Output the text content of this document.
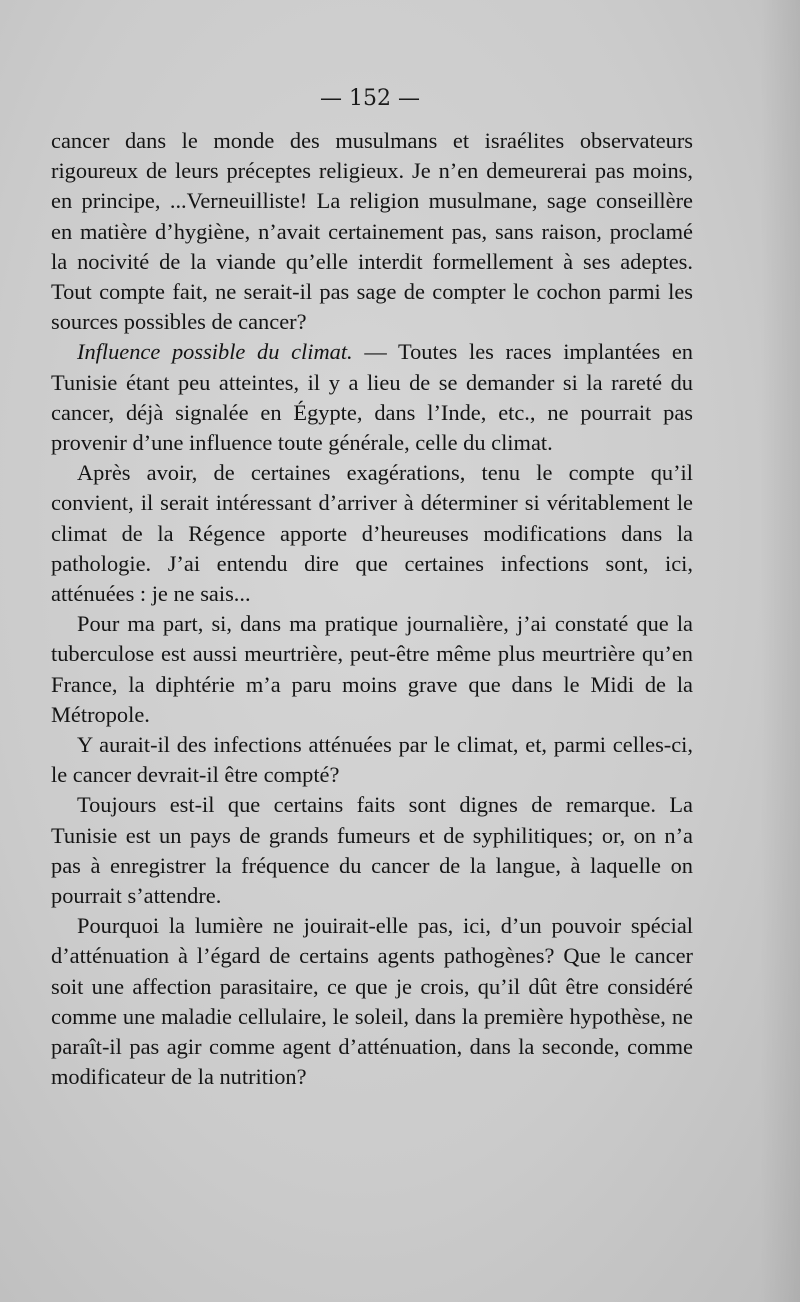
— 152 —

cancer dans le monde des musulmans et israélites observateurs rigoureux de leurs préceptes religieux. Je n’en demeurerai pas moins, en principe, ...Verneuilliste! La religion musulmane, sage conseillère en matière d’hygiène, n’avait certainement pas, sans raison, proclamé la nocivité de la viande qu’elle interdit formellement à ses adeptes. Tout compte fait, ne serait-il pas sage de compter le cochon parmi les sources possibles de cancer?

Influence possible du climat. — Toutes les races implantées en Tunisie étant peu atteintes, il y a lieu de se demander si la rareté du cancer, déjà signalée en Égypte, dans l’Inde, etc., ne pourrait pas provenir d’une influence toute générale, celle du climat.

Après avoir, de certaines exagérations, tenu le compte qu’il convient, il serait intéressant d’arriver à déterminer si véritablement le climat de la Régence apporte d’heureuses modifications dans la pathologie. J’ai entendu dire que certaines infections sont, ici, atténuées : je ne sais...

Pour ma part, si, dans ma pratique journalière, j’ai constaté que la tuberculose est aussi meurtrière, peut-être même plus meurtrière qu’en France, la diphtérie m’a paru moins grave que dans le Midi de la Métropole.

Y aurait-il des infections atténuées par le climat, et, parmi celles-ci, le cancer devrait-il être compté?

Toujours est-il que certains faits sont dignes de remarque. La Tunisie est un pays de grands fumeurs et de syphilitiques; or, on n’a pas à enregistrer la fréquence du cancer de la langue, à laquelle on pourrait s’attendre.

Pourquoi la lumière ne jouirait-elle pas, ici, d’un pouvoir spécial d’atténuation à l’égard de certains agents pathogènes? Que le cancer soit une affection parasitaire, ce que je crois, qu’il dût être considéré comme une maladie cellulaire, le soleil, dans la première hypothèse, ne paraît-il pas agir comme agent d’atténuation, dans la seconde, comme modificateur de la nutrition?
